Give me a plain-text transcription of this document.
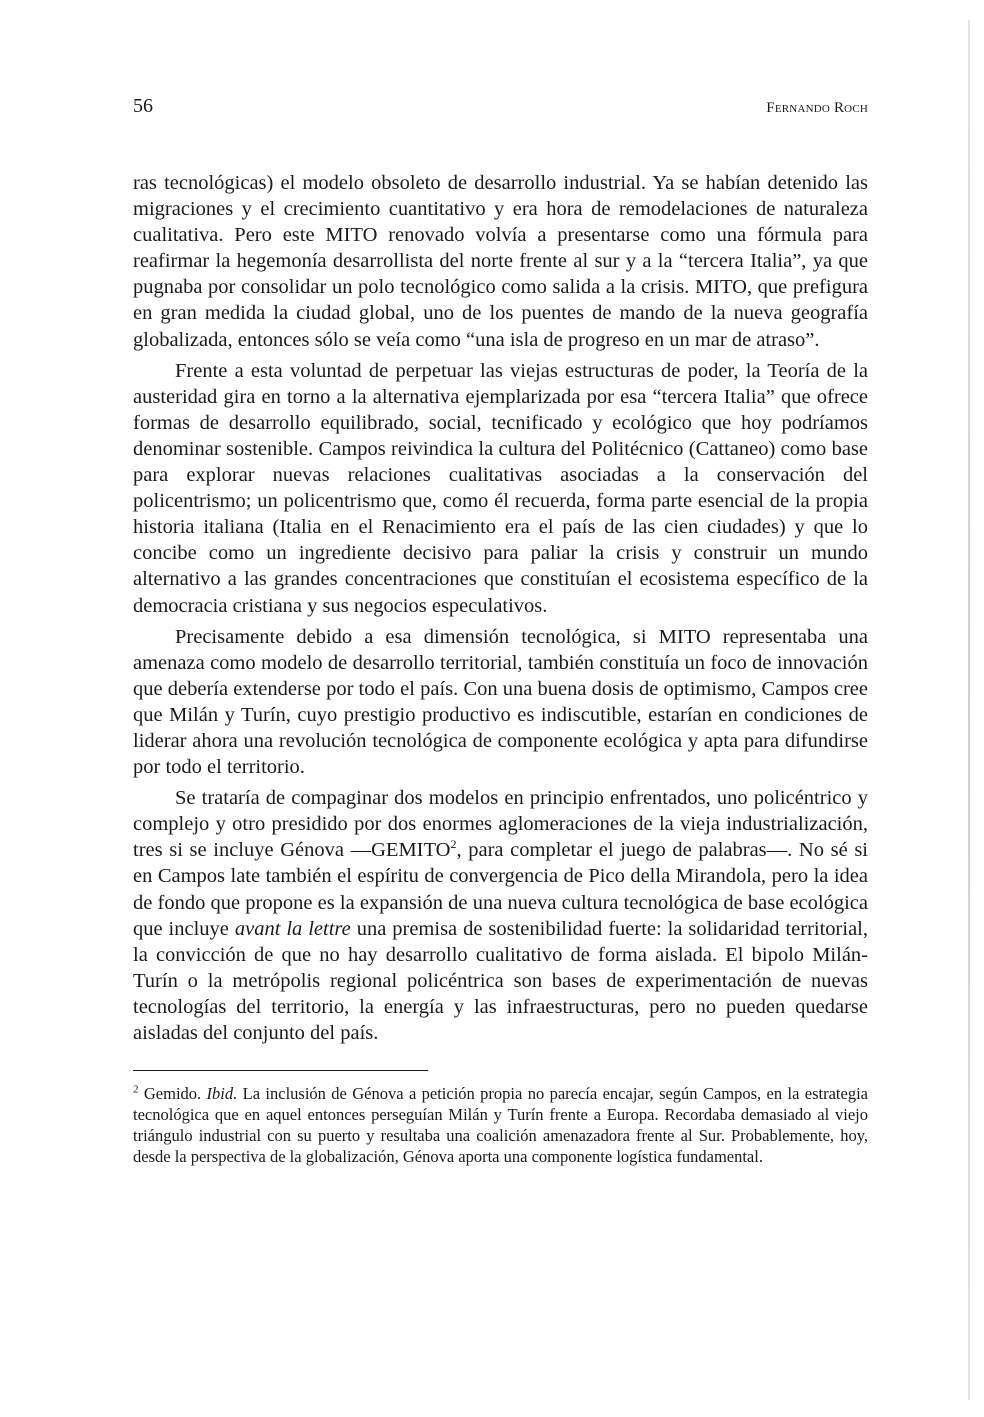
56	Fernando Roch

ras tecnológicas) el modelo obsoleto de desarrollo industrial. Ya se habían detenido las migraciones y el crecimiento cuantitativo y era hora de remodelaciones de naturaleza cualitativa. Pero este MITO renovado volvía a presentarse como una fórmula para reafirmar la hegemonía desarrollista del norte frente al sur y a la “tercera Italia”, ya que pugnaba por consolidar un polo tecnológico como salida a la crisis. MITO, que prefigura en gran medida la ciudad global, uno de los puentes de mando de la nueva geografía globalizada, entonces sólo se veía como “una isla de progreso en un mar de atraso”.

Frente a esta voluntad de perpetuar las viejas estructuras de poder, la Teoría de la austeridad gira en torno a la alternativa ejemplarizada por esa “tercera Italia” que ofrece formas de desarrollo equilibrado, social, tecnificado y ecológico que hoy podríamos denominar sostenible. Campos reivindica la cultura del Politécnico (Cattaneo) como base para explorar nuevas relaciones cualitativas asociadas a la conservación del policentrismo; un policentrismo que, como él recuerda, forma parte esencial de la propia historia italiana (Italia en el Renacimiento era el país de las cien ciudades) y que lo concibe como un ingrediente decisivo para paliar la crisis y construir un mundo alternativo a las grandes concentraciones que constituían el ecosistema específico de la democracia cristiana y sus negocios especulativos.

Precisamente debido a esa dimensión tecnológica, si MITO representaba una amenaza como modelo de desarrollo territorial, también constituía un foco de innovación que debería extenderse por todo el país. Con una buena dosis de optimismo, Campos cree que Milán y Turín, cuyo prestigio productivo es indiscutible, estarían en condiciones de liderar ahora una revolución tecnológica de componente ecológica y apta para difundirse por todo el territorio.

Se trataría de compaginar dos modelos en principio enfrentados, uno policéntrico y complejo y otro presidido por dos enormes aglomeraciones de la vieja industrialización, tres si se incluye Génova —GEMITO$^2$, para completar el juego de palabras—. No sé si en Campos late también el espíritu de convergencia de Pico della Mirandola, pero la idea de fondo que propone es la expansión de una nueva cultura tecnológica de base ecológica que incluye avant la lettre una premisa de sostenibilidad fuerte: la solidaridad territorial, la convicción de que no hay desarrollo cualitativo de forma aislada. El bipolo Milán-Turín o la metrópolis regional policéntrica son bases de experimentación de nuevas tecnologías del territorio, la energía y las infraestructuras, pero no pueden quedarse aisladas del conjunto del país.

$^2$ Gemido. Ibid. La inclusión de Génova a petición propia no parecía encajar, según Campos, en la estrategia tecnológica que en aquel entonces perseguían Milán y Turín frente a Europa. Recordaba demasiado al viejo triángulo industrial con su puerto y resultaba una coalición amenazadora frente al Sur. Probablemente, hoy, desde la perspectiva de la globalización, Génova aporta una componente logística fundamental.
